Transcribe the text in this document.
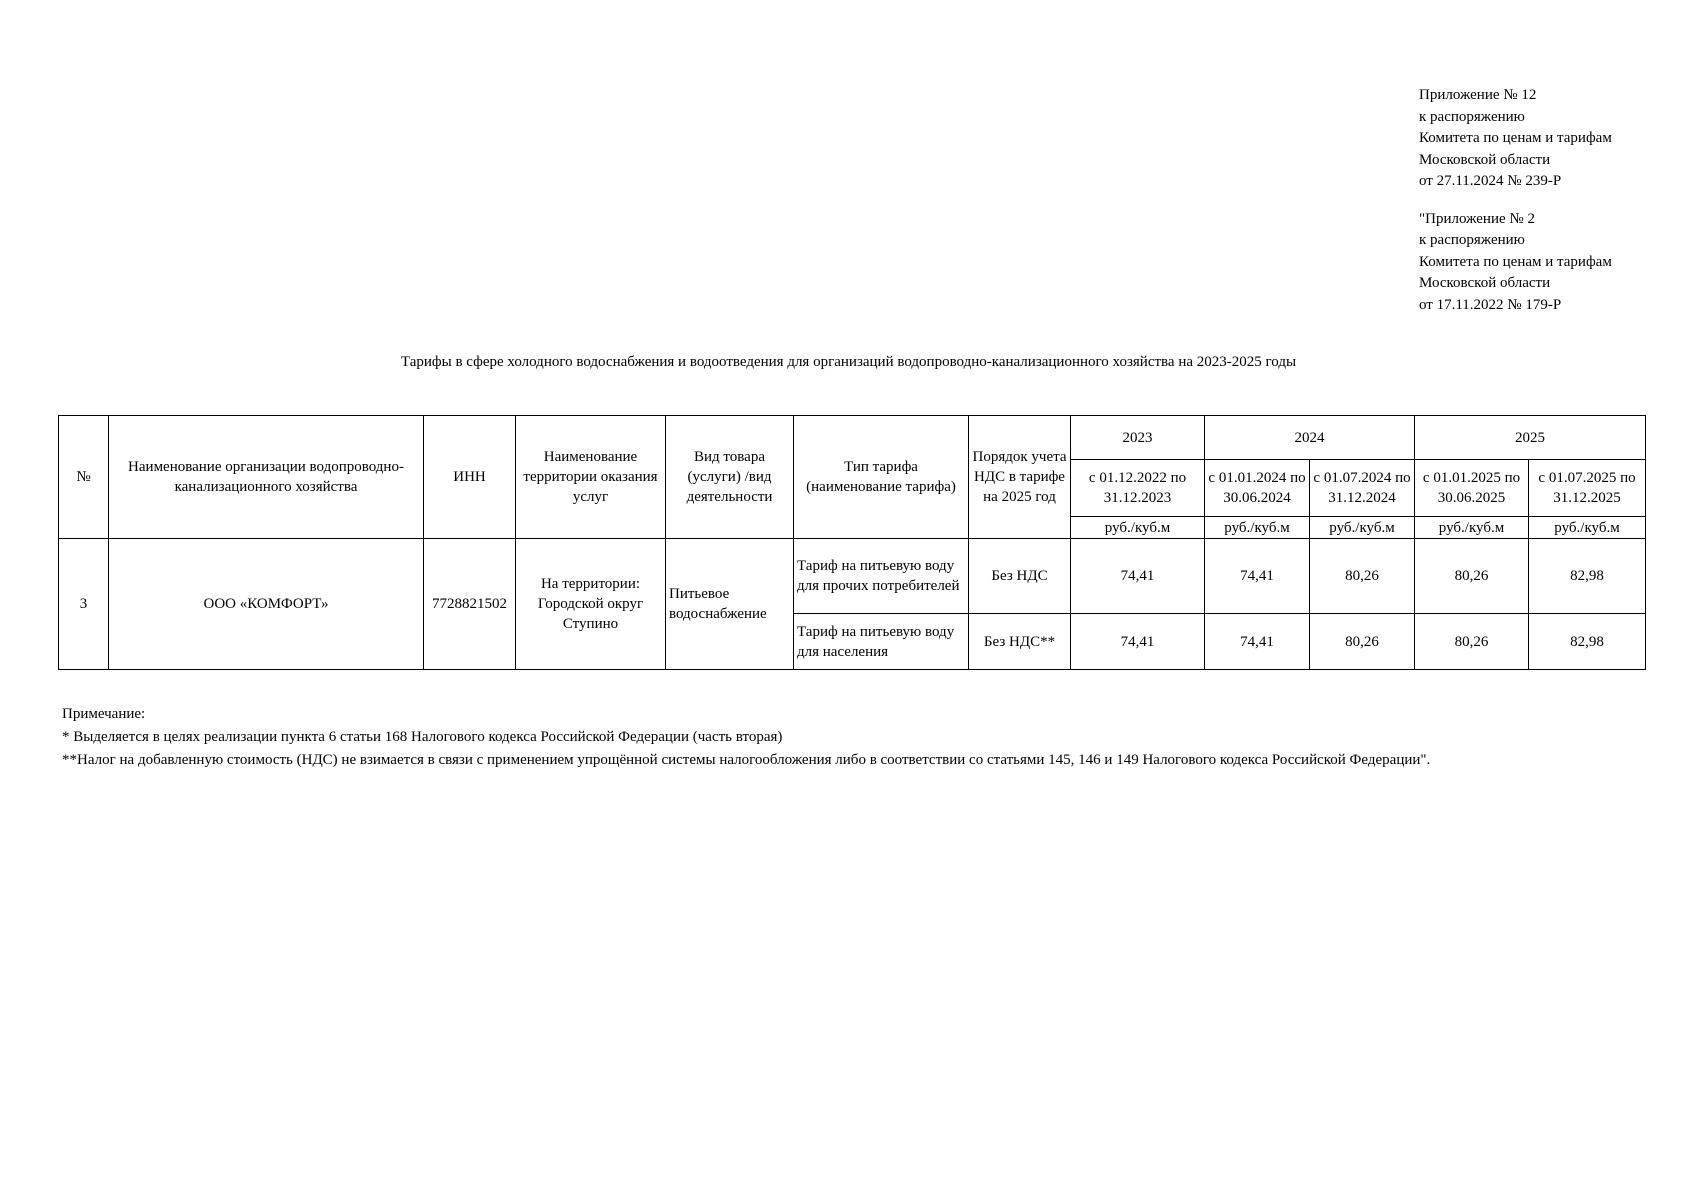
Приложение № 12
к распоряжению
Комитета по ценам и тарифам
Московской области
от 27.11.2024 № 239-Р
"Приложение № 2
к распоряжению
Комитета по ценам и тарифам
Московской области
от 17.11.2022 № 179-Р
Тарифы в сфере холодного водоснабжения и водоотведения для организаций водопроводно-канализационного хозяйства на 2023-2025 годы
№	Наименование организации водопроводно-канализационного хозяйства	ИНН	Наименование территории оказания услуг	Вид товара (услуги) /вид деятельности	Тип тарифа (наименование тарифа)	Порядок учета НДС в тарифе на 2025 год	2023	2024		2025	
							с 01.12.2022 по 31.12.2023	с 01.01.2024 по 30.06.2024	с 01.07.2024 по 31.12.2024	с 01.01.2025 по 30.06.2025	с 01.07.2025 по 31.12.2025
							руб./куб.м	руб./куб.м	руб./куб.м	руб./куб.м	руб./куб.м
3	ООО «КОМФОРТ»	7728821502	На территории: Городской округ Ступино	Питьевое водоснабжение	Тариф на питьевую воду для прочих потребителей	Без НДС	74,41	74,41	80,26	80,26	82,98
					Тариф на питьевую воду для населения	Без НДС**	74,41	74,41	80,26	80,26	82,98
Примечание:
* Выделяется в целях реализации пункта 6 статьи 168 Налогового кодекса Российской Федерации (часть вторая)
**Налог на добавленную стоимость (НДС) не взимается в связи с применением упрощённой системы налогообложения либо в соответствии со статьями 145, 146 и 149 Налогового кодекса Российской Федерации".
